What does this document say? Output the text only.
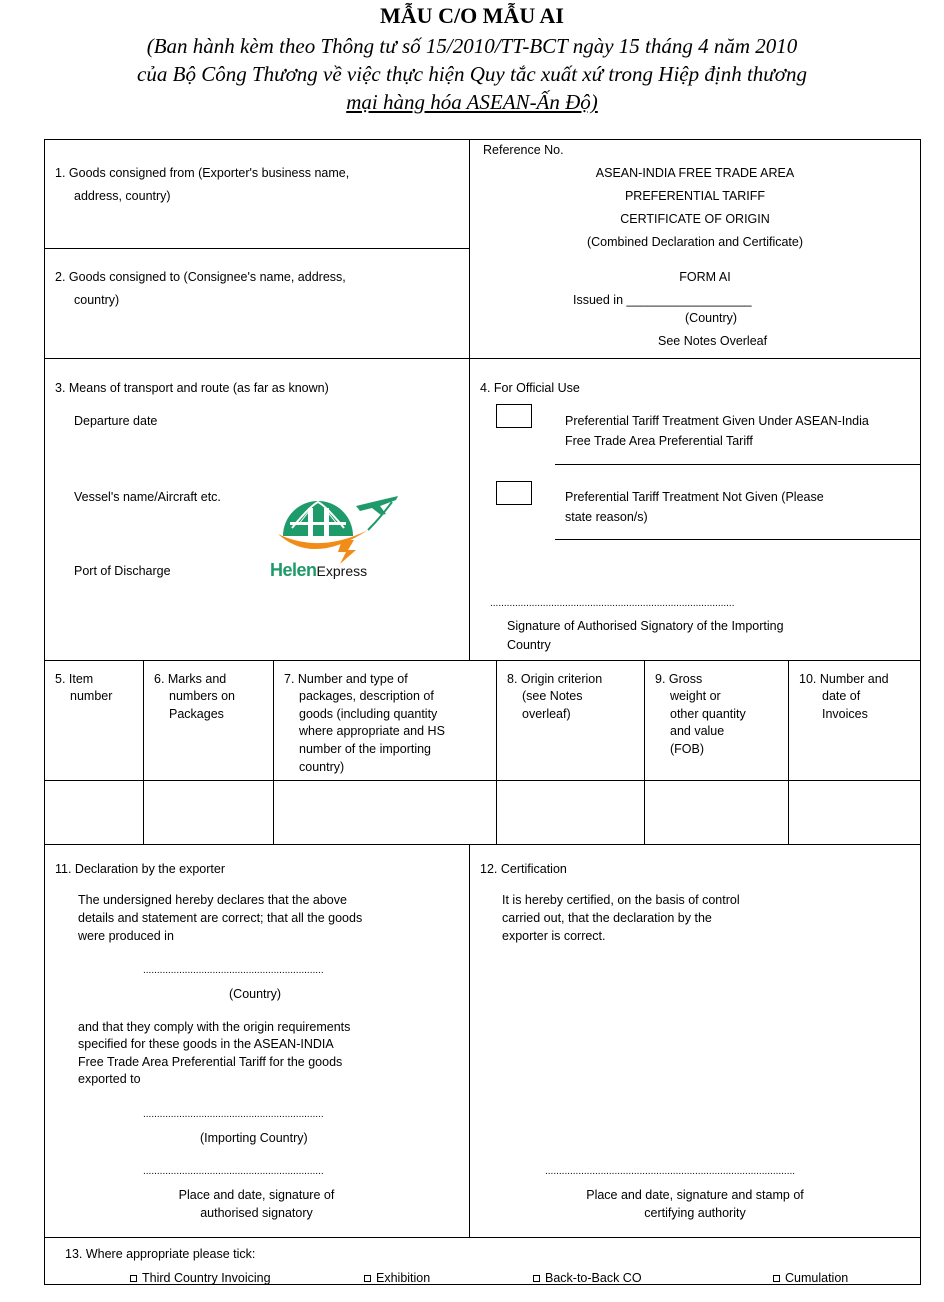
MẪU C/O MẪU AI
(Ban hành kèm theo Thông tư số 15/2010/TT-BCT ngày 15 tháng 4 năm 2010
của Bộ Công Thương về việc thực hiện Quy tắc xuất xứ trong Hiệp định thương
mại hàng hóa ASEAN-Ấn Độ)
1. Goods consigned from (Exporter's business name,
address, country)
2. Goods consigned to (Consignee's name, address,
country)
Reference No.
ASEAN-INDIA FREE TRADE AREA
PREFERENTIAL TARIFF
CERTIFICATE OF ORIGIN
(Combined Declaration and Certificate)
FORM AI
Issued in __________________
(Country)
See Notes Overleaf
3. Means of transport and route (as far as known)
Departure date
Vessel's name/Aircraft etc.
Port of Discharge	HelenExpress
4. For Official Use
Preferential Tariff Treatment Given Under ASEAN-India
Free Trade Area Preferential Tariff
Preferential Tariff Treatment Not Given (Please
state reason/s)
........................................................................................
Signature of Authorised Signatory of the Importing
Country
5. Item
number
6. Marks and
numbers on
Packages
7. Number and type of
packages, description of
goods (including quantity
where appropriate and HS
number of the importing
country)
8. Origin criterion
(see Notes
overleaf)
9. Gross
weight or
other quantity
and value
(FOB)
10. Number and
date of
Invoices
11. Declaration by the exporter
The undersigned hereby declares that the above
details and statement are correct; that all the goods
were produced in
.................................................................
(Country)
and that they comply with the origin requirements
specified for these goods in the ASEAN-INDIA
Free Trade Area Preferential Tariff for the goods
exported to
.................................................................
(Importing Country)
.................................................................
Place and date, signature of
authorised signatory
12. Certification
It is hereby certified, on the basis of control
carried out, that the declaration by the
exporter is correct.
..........................................................................................
Place and date, signature and stamp of
certifying authority
13. Where appropriate please tick:
Third Country Invoicing	Exhibition	Back-to-Back CO	Cumulation
